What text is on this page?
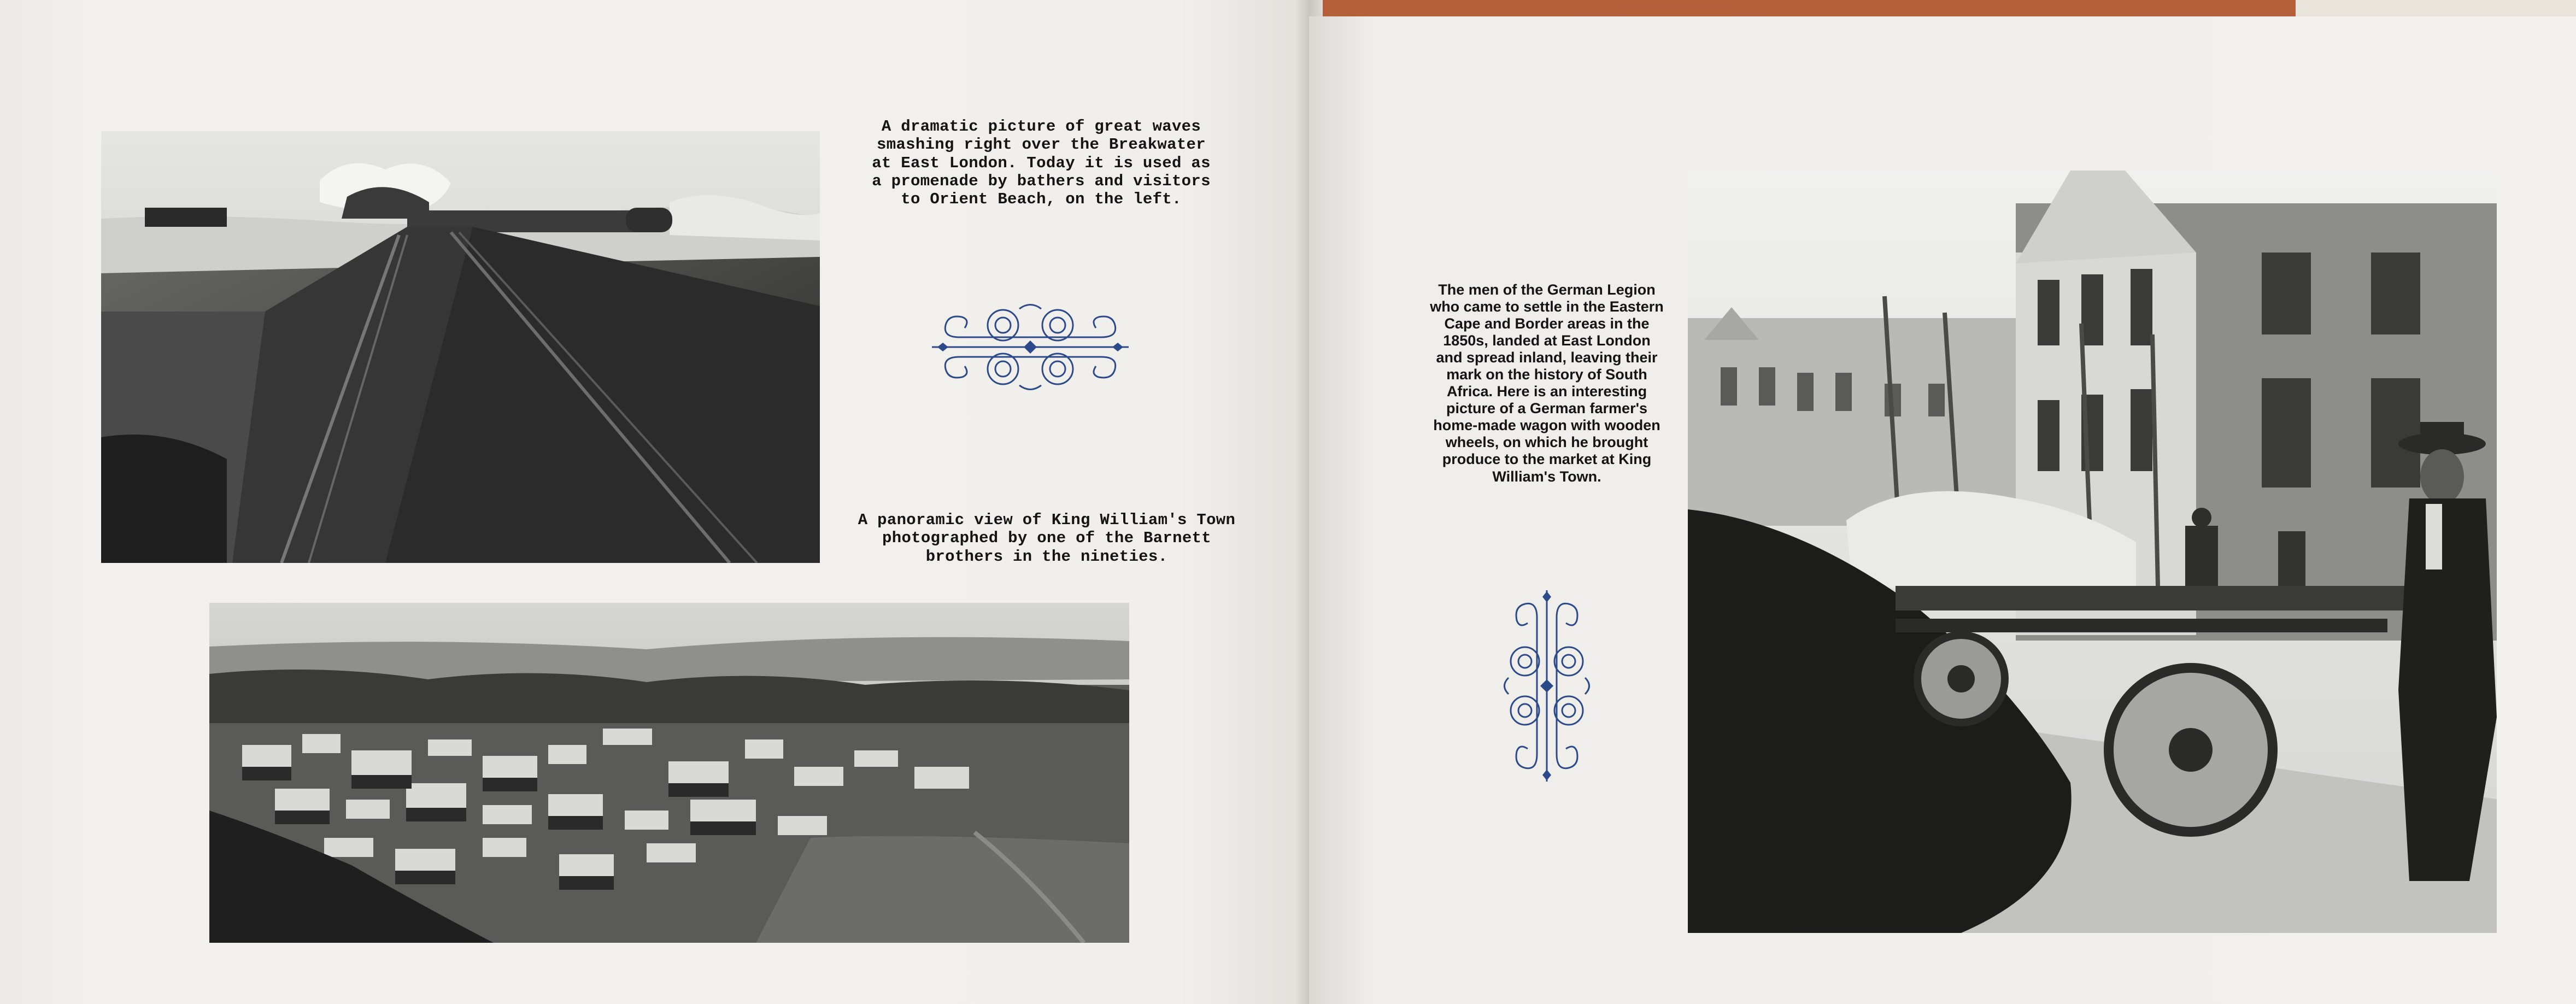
A dramatic picture of great waves smashing right over the Breakwater at East London. Today it is used as a promenade by bathers and visitors to Orient Beach, on the left.

A panoramic view of King William's Town photographed by one of the Barnett brothers in the nineties.

The men of the German Legion who came to settle in the Eastern Cape and Border areas in the 1850s, landed at East London and spread inland, leaving their mark on the history of South Africa. Here is an interesting picture of a German farmer's home-made wagon with wooden wheels, on which he brought produce to the market at King William's Town.
